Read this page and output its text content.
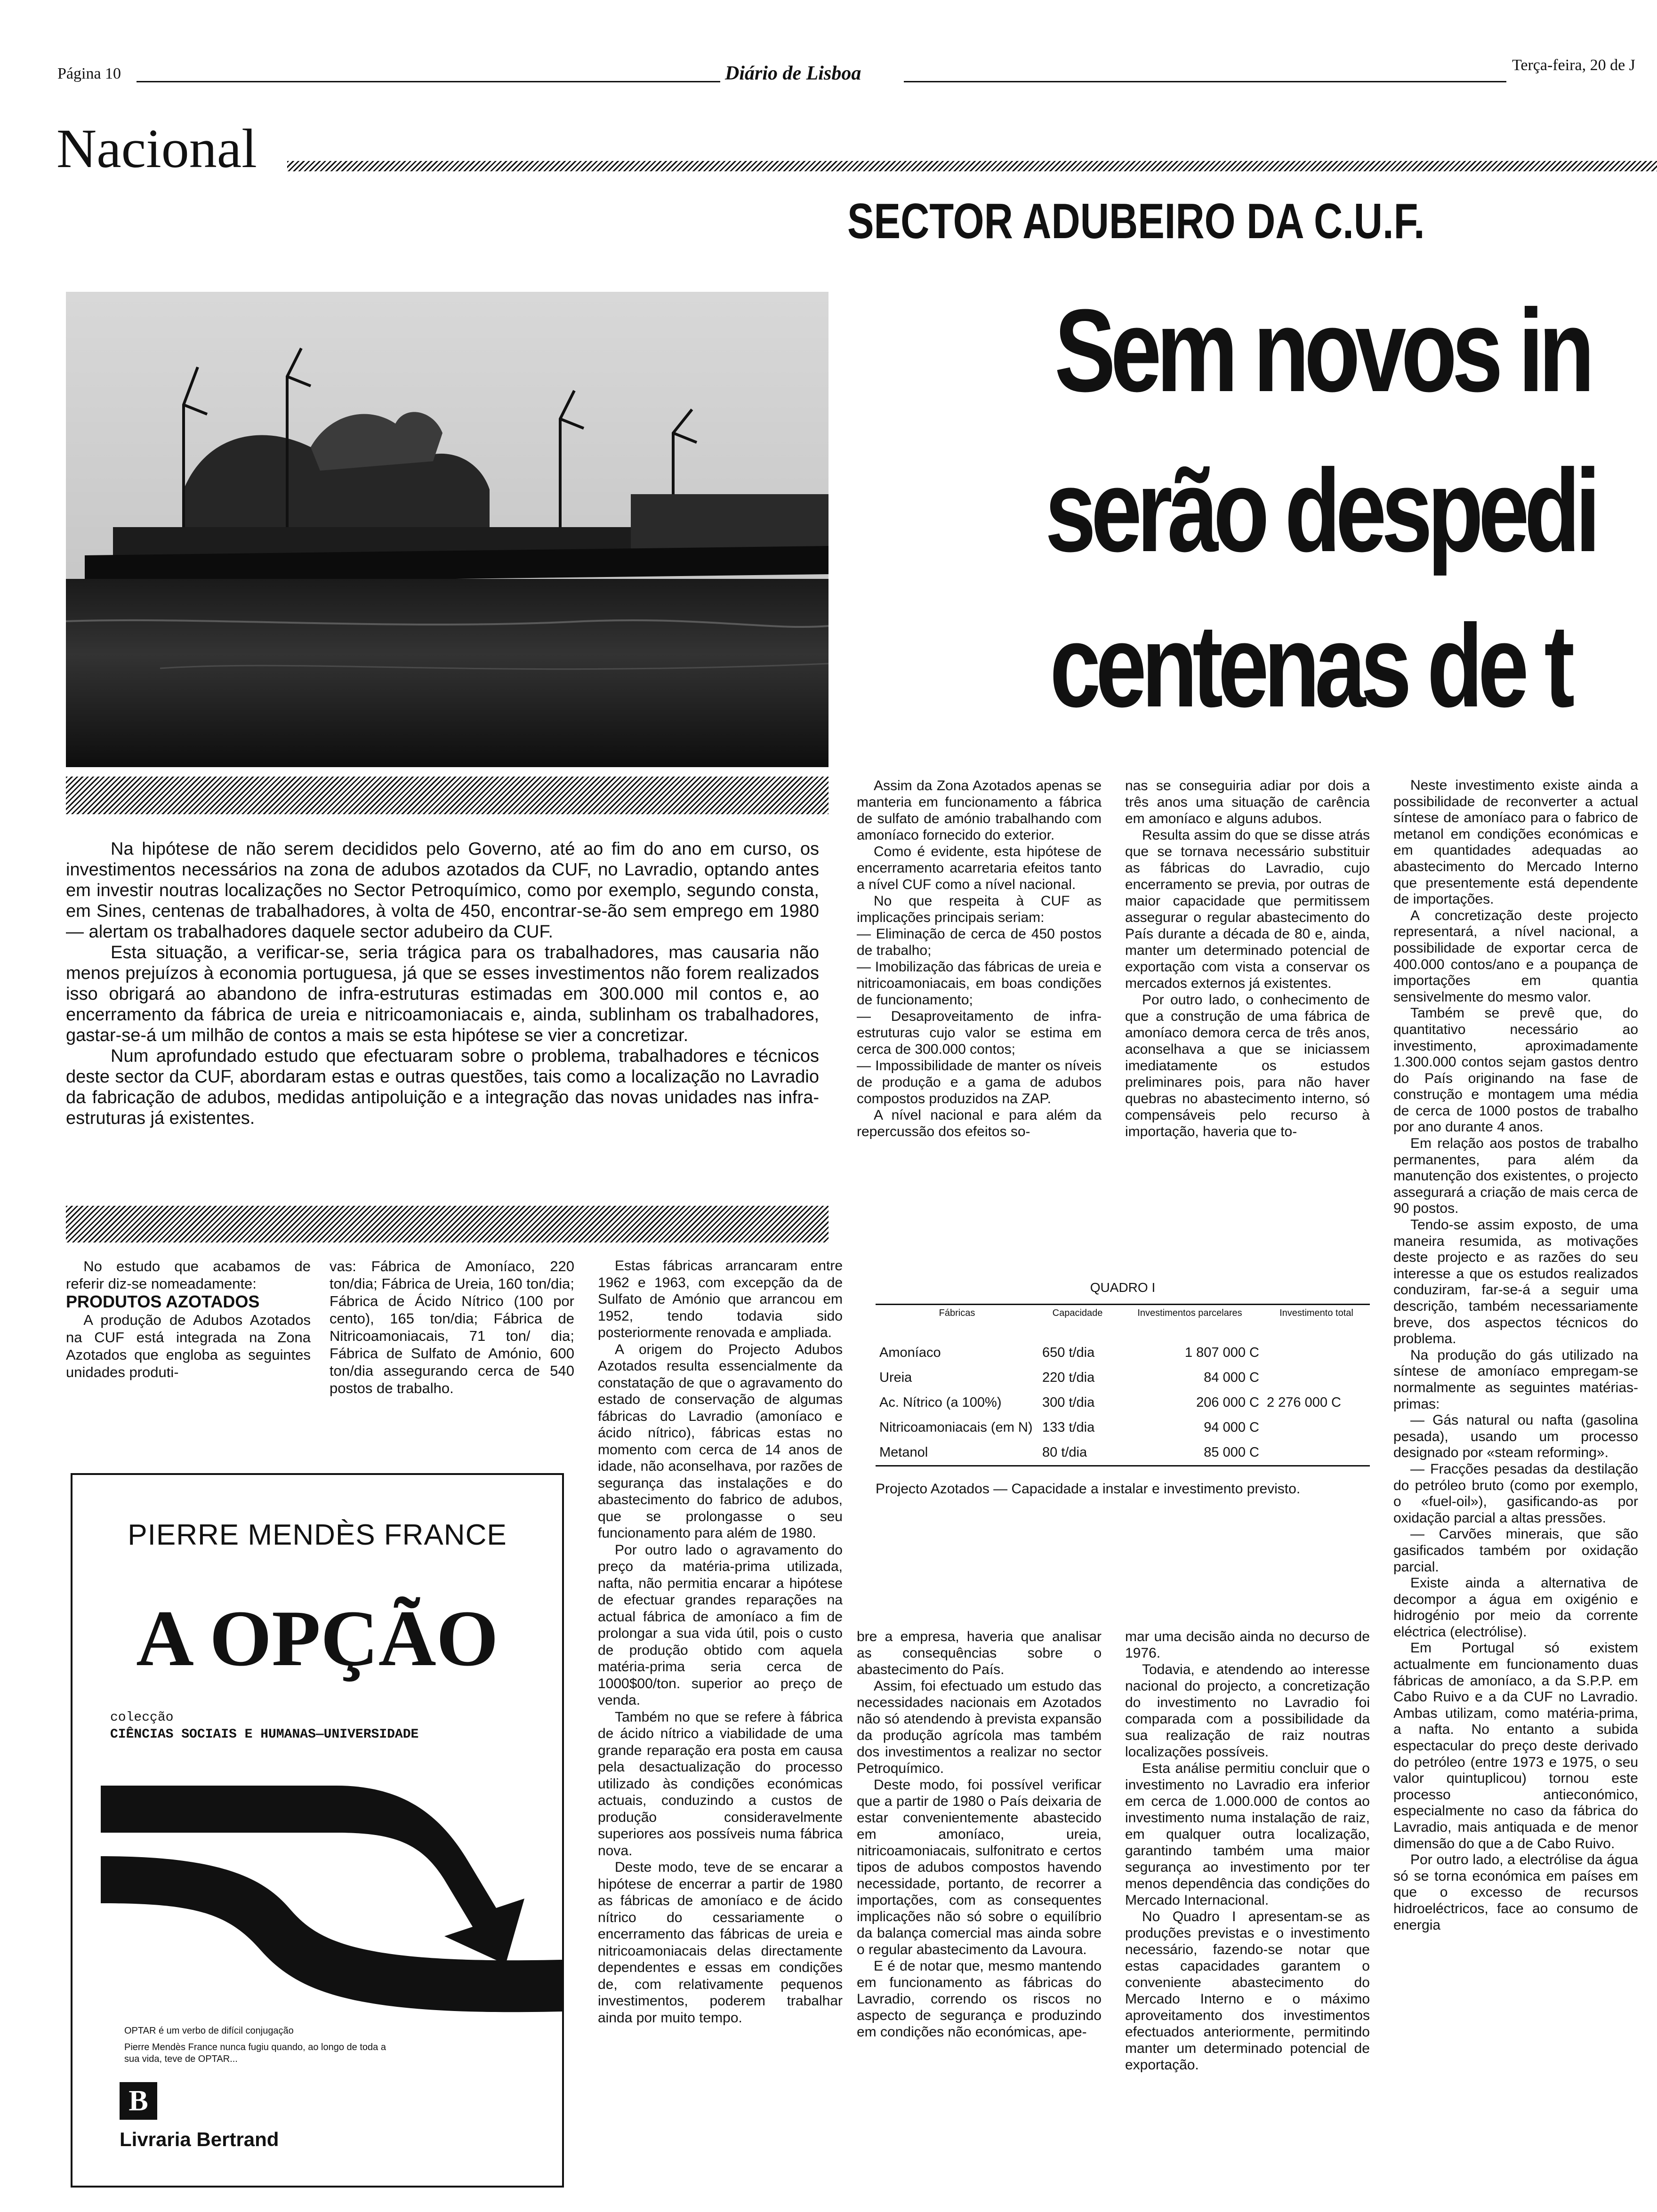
Página 10	Diário de Lisboa	Terça-feira, 20 de J
Nacional
SECTOR ADUBEIRO DA C.U.F.
Sem novos in
serão despedi
centenas de t

Na hipótese de não serem decididos pelo Governo, até ao fim do ano em curso, os investimentos necessários na zona de adubos azotados da CUF, no Lavradio, optando antes em investir noutras localizações no Sector Petroquímico, como por exemplo, segundo consta, em Sines, centenas de trabalhadores, à volta de 450, encontrar-se-ão sem emprego em 1980 — alertam os trabalhadores daquele sector adubeiro da CUF.

Esta situação, a verificar-se, seria trágica para os trabalhadores, mas causaria não menos prejuízos à economia portuguesa, já que se esses investimentos não forem realizados isso obrigará ao abandono de infra-estruturas estimadas em 300.000 mil contos e, ao encerramento da fábrica de ureia e nitricoamoniacais e, ainda, sublinham os trabalhadores, gastar-se-á um milhão de contos a mais se esta hipótese se vier a concretizar.

Num aprofundado estudo que efectuaram sobre o problema, trabalhadores e técnicos deste sector da CUF, abordaram estas e outras questões, tais como a localização no Lavradio da fabricação de adubos, medidas antipoluição e a integração das novas unidades nas infra-estruturas já existentes.

No estudo que acabamos de referir diz-se nomeadamente:

PRODUTOS AZOTADOS

A produção de Adubos Azotados na CUF está integrada na Zona Azotados que engloba as seguintes unidades produti-

vas: Fábrica de Amoníaco, 220 ton/dia; Fábrica de Ureia, 160 ton/dia; Fábrica de Ácido Nítrico (100 por cento), 165 ton/dia; Fábrica de Nitricoamoniacais, 71 ton/ dia; Fábrica de Sulfato de Amónio, 600 ton/dia assegurando cerca de 540 postos de trabalho.

Estas fábricas arrancaram entre 1962 e 1963, com excepção da de Sulfato de Amónio que arrancou em 1952, tendo todavia sido posteriormente renovada e ampliada.

A origem do Projecto Adubos Azotados resulta essencialmente da constatação de que o agravamento do estado de conservação de algumas fábricas do Lavradio (amoníaco e ácido nítrico), fábricas estas no momento com cerca de 14 anos de idade, não aconselhava, por razões de segurança das instalações e do abastecimento do fabrico de adubos, que se prolongasse o seu funcionamento para além de 1980.

Por outro lado o agravamento do preço da matéria-prima utilizada, nafta, não permitia encarar a hipótese de efectuar grandes reparações na actual fábrica de amoníaco a fim de prolongar a sua vida útil, pois o custo de produção obtido com aquela matéria-prima seria cerca de 1000$00/ton. superior ao preço de venda.

Também no que se refere à fábrica de ácido nítrico a viabilidade de uma grande reparação era posta em causa pela desactualização do processo utilizado às condições económicas actuais, conduzindo a custos de produção consideravelmente superiores aos possíveis numa fábrica nova.

Deste modo, teve de se encarar a hipótese de encerrar a partir de 1980 as fábricas de amoníaco e de ácido nítrico do cessariamente o encerramento das fábricas de ureia e nitricoamoniacais delas directamente dependentes e essas em condições de, com relativamente pequenos investimentos, poderem trabalhar ainda por muito tempo.

Assim da Zona Azotados apenas se manteria em funcionamento a fábrica de sulfato de amónio trabalhando com amoníaco fornecido do exterior.

Como é evidente, esta hipótese de encerramento acarretaria efeitos tanto a nível CUF como a nível nacional.

No que respeita à CUF as implicações principais seriam:

— Eliminação de cerca de 450 postos de trabalho;

— Imobilização das fábricas de ureia e nitricoamoniacais, em boas condições de funcionamento;

— Desaproveitamento de infra-estruturas cujo valor se estima em cerca de 300.000 contos;

— Impossibilidade de manter os níveis de produção e a gama de adubos compostos produzidos na ZAP.

A nível nacional e para além da repercussão dos efeitos so-

nas se conseguiria adiar por dois a três anos uma situação de carência em amoníaco e alguns adubos.

Resulta assim do que se disse atrás que se tornava necessário substituir as fábricas do Lavradio, cujo encerramento se previa, por outras de maior capacidade que permitissem assegurar o regular abastecimento do País durante a década de 80 e, ainda, manter um determinado potencial de exportação com vista a conservar os mercados externos já existentes.

Por outro lado, o conhecimento de que a construção de uma fábrica de amoníaco demora cerca de três anos, aconselhava a que se iniciassem imediatamente os estudos preliminares pois, para não haver quebras no abastecimento interno, só compensáveis pelo recurso à importação, haveria que to-

QUADRO I
Fábricas	Capacidade	Investimentos parcelares	Investimento total

Amoníaco	650 t/dia	1 807 000 C	
Ureia	220 t/dia	84 000 C	
Ac. Nítrico (a 100%)	300 t/dia	206 000 C	2 276 000 C
Nitricoamoniacais (em N)	133 t/dia	94 000 C	
Metanol	80 t/dia	85 000 C	
Projecto Azotados — Capacidade a instalar e investimento previsto.

bre a empresa, haveria que analisar as consequências sobre o abastecimento do País.

Assim, foi efectuado um estudo das necessidades nacionais em Azotados não só atendendo à prevista expansão da produção agrícola mas também dos investimentos a realizar no sector Petroquímico.

Deste modo, foi possível verificar que a partir de 1980 o País deixaria de estar convenientemente abastecido em amoníaco, ureia, nitricoamoniacais, sulfonitrato e certos tipos de adubos compostos havendo necessidade, portanto, de recorrer a importações, com as consequentes implicações não só sobre o equilíbrio da balança comercial mas ainda sobre o regular abastecimento da Lavoura.

E é de notar que, mesmo mantendo em funcionamento as fábricas do Lavradio, correndo os riscos no aspecto de segurança e produzindo em condições não económicas, ape-

mar uma decisão ainda no decurso de 1976.

Todavia, e atendendo ao interesse nacional do projecto, a concretização do investimento no Lavradio foi comparada com a possibilidade da sua realização de raiz noutras localizações possíveis.

Esta análise permitiu concluir que o investimento no Lavradio era inferior em cerca de 1.000.000 de contos ao investimento numa instalação de raiz, em qualquer outra localização, garantindo também uma maior segurança ao investimento por ter menos dependência das condições do Mercado Internacional.

No Quadro I apresentam-se as produções previstas e o investimento necessário, fazendo-se notar que estas capacidades garantem o conveniente abastecimento do Mercado Interno e o máximo aproveitamento dos investimentos efectuados anteriormente, permitindo manter um determinado potencial de exportação.

Neste investimento existe ainda a possibilidade de reconverter a actual síntese de amoníaco para o fabrico de metanol em condições económicas e em quantidades adequadas ao abastecimento do Mercado Interno que presentemente está dependente de importações.

A concretização deste projecto representará, a nível nacional, a possibilidade de exportar cerca de 400.000 contos/ano e a poupança de importações em quantia sensivelmente do mesmo valor.

Também se prevê que, do quantitativo necessário ao investimento, aproximadamente 1.300.000 contos sejam gastos dentro do País originando na fase de construção e montagem uma média de cerca de 1000 postos de trabalho por ano durante 4 anos.

Em relação aos postos de trabalho permanentes, para além da manutenção dos existentes, o projecto assegurará a criação de mais cerca de 90 postos.

Tendo-se assim exposto, de uma maneira resumida, as motivações deste projecto e as razões do seu interesse a que os estudos realizados conduziram, far-se-á a seguir uma descrição, também necessariamente breve, dos aspectos técnicos do problema.

Na produção do gás utilizado na síntese de amoníaco empregam-se normalmente as seguintes matérias-primas:

— Gás natural ou nafta (gasolina pesada), usando um processo designado por «steam reforming».

— Fracções pesadas da destilação do petróleo bruto (como por exemplo, o «fuel-oil»), gasificando-as por oxidação parcial a altas pressões.

— Carvões minerais, que são gasificados também por oxidação parcial.

Existe ainda a alternativa de decompor a água em oxigénio e hidrogénio por meio da corrente eléctrica (electrólise).

Em Portugal só existem actualmente em funcionamento duas fábricas de amoníaco, a da S.P.P. em Cabo Ruivo e a da CUF no Lavradio. Ambas utilizam, como matéria-prima, a nafta. No entanto a subida espectacular do preço deste derivado do petróleo (entre 1973 e 1975, o seu valor quintuplicou) tornou este processo antieconómico, especialmente no caso da fábrica do Lavradio, mais antiquada e de menor dimensão do que a de Cabo Ruivo.

Por outro lado, a electrólise da água só se torna económica em países em que o excesso de recursos hidroeléctricos, face ao consumo de energia

PIERRE MENDÈS FRANCE
A OPÇÃO
colecção
CIÊNCIAS SOCIAIS E HUMANAS—UNIVERSIDADE
OPTAR é um verbo de difícil conjugação
Pierre Mendès France nunca fugiu quando, ao longo de toda a sua vida, teve de OPTAR...
B
Livraria Bertrand
